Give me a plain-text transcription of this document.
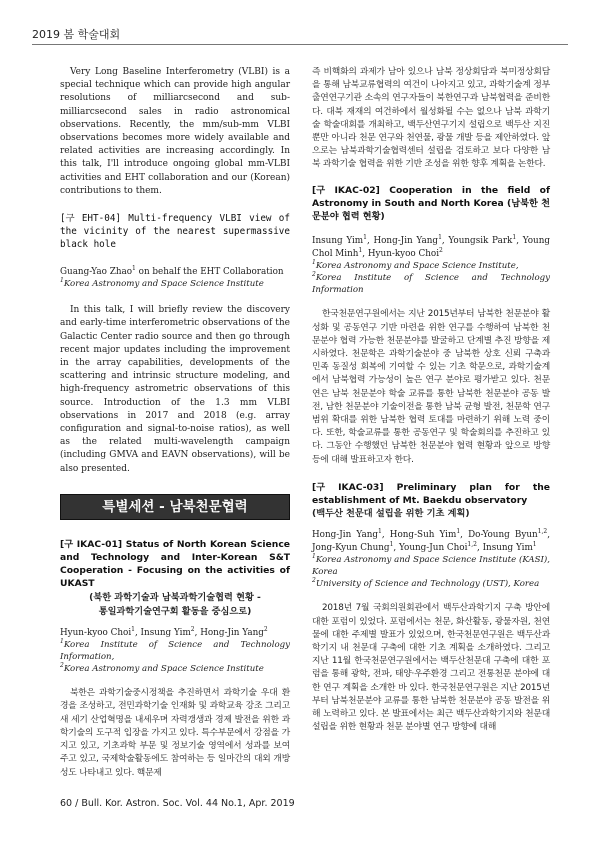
2019 봄 학술대회

Very Long Baseline Interferometry (VLBI) is a special technique which can provide high angular resolutions of milliarcsecond and sub-milliarcsecond sales in radio astronomical observations. Recently, the mm/sub-mm VLBI observations becomes more widely available and related activities are increasing accordingly. In this talk, I'll introduce ongoing global mm-VLBI activities and EHT collaboration and our (Korean) contributions to them.

[구 EHT-04] Multi-frequency VLBI view of the vicinity of the nearest supermassive black hole

Guang-Yao Zhao$^1$ on behalf the EHT Collaboration

$^1$Korea Astronomy and Space Science Institute

In this talk, I will briefly review the discovery and early-time interferometric observations of the Galactic Center radio source and then go through recent major updates including the improvement in the array capabilities, developments of the scattering and intrinsic structure modeling, and high-frequency astrometric observations of this source. Introduction of the 1.3 mm VLBI observations in 2017 and 2018 (e.g. array configuration and signal-to-noise ratios), as well as the related multi-wavelength campaign (including GMVA and EAVN observations), will be also presented.

특별세션 - 남북천문협력

[구 IKAC-01] Status of North Korean Science and Technology and Inter-Korean S&T Cooperation - Focusing on the activities of UKAST

(북한 과학기술과 남북과학기술협력 현황 -
통일과학기술연구회 활동을 중심으로)

Hyun-kyoo Choi$^1$, Insung Yim$^2$, Hong-Jin Yang$^2$

$^1$Korea Institute of Science and Technology Information,

$^2$Korea Astronomy and Space Science Institute

북한은 과학기술중시정책을 추진하면서 과학기술 우대 환경을 조성하고, 전민과학기술 인재화 및 과학교육 강조 그리고 새 세기 산업혁명을 내세우며 자력갱생과 경제 발전을 위한 과학기술의 도구적 입장을 가지고 있다. 특수부문에서 강점을 가지고 있고, 기초과학 부문 및 정보기술 영역에서 성과를 보여주고 있고, 국제학술활동에도 참여하는 등 일마간의 대외 개방성도 나타내고 있다. 핵문제

즉 비핵화의 과제가 남아 있으나 남북 정상회담과 북미정상회담을 통해 남북교류협력의 여건이 나아지고 있고, 과학기술계 정부출연연구기관 소속의 연구자들이 북한연구과 남북협력을 준비한다. 대북 재재의 여건하에서 월성화될 수는 없으나 남북 과학기술 학술대회를 개최하고, 백두산연구기지 설립으로 백두산 지진 뿐만 아니라 천문 연구와 천연물, 광물 개발 등을 제안하였다. 앞으로는 남북과학기술협력센터 설립을 검토하고 보다 다양한 남북 과학기술 협력을 위한 기반 조성을 위한 향후 계획을 논한다.

[구 IKAC-02] Cooperation in the field of Astronomy in South and North Korea (남북한 천문분야 협력 현황)

Insung Yim$^1$, Hong-Jin Yang$^1$, Youngsik Park$^1$, Young Chol Minh$^1$, Hyun-kyoo Choi$^2$

$^1$Korea Astronomy and Space Science Institute,

$^2$Korea Institute of Science and Technology Information

한국천문연구원에서는 지난 2015년부터 남북한 천문분야 활성화 및 공동연구 기반 마련을 위한 연구를 수행하여 남북한 천문분야 협력 가능한 천문분야를 발굴하고 단계별 추진 방향을 제시하였다. 천문학은 과학기술분야 중 남북한 상호 신뢰 구축과 민족 동질성 회복에 기여할 수 있는 기초 학문으로, 과학기술계에서 남북협력 가능성이 높은 연구 분야로 평가받고 있다. 천문연은 남북 천문분야 학술 교류를 통한 남북한 천문분야 공동 발전, 남한 천문분야 기술이전을 통한 남북 균형 발전, 천문학 연구 범위 확대를 위한 남북한 협력 토대를 마련하기 위해 노력 중이다. 또한, 학술교류를 통한 공동연구 및 학술회의를 추진하고 있다. 그동안 수행했던 남북한 천문분야 협력 현황과 앞으로 방향 등에 대해 발표하고자 한다.

[구 IKAC-03] Preliminary plan for the establishment of Mt. Baekdu observatory

(백두산 천문대 설립을 위한 기초 계획)

Hong-Jin Yang$^1$, Hong-Suh Yim$^1$, Do-Young Byun$^{1,2}$, Jong-Kyun Chung$^1$, Young-Jun Choi$^{1,2}$, Insung Yim$^1$

$^1$Korea Astronomy and Space Science Institute (KASI), Korea

$^2$University of Science and Technology (UST), Korea

2018년 7월 국회의원회관에서 백두산과학기지 구축 방안에 대한 포럼이 있었다. 포럼에서는 천문, 화산활동, 광물자원, 천연물에 대한 주제별 발표가 있었으며, 한국천문연구원은 백두산과학기지 내 천문대 구축에 대한 기초 계획을 소개하였다. 그리고 지난 11월 한국천문연구원에서는 백두산천문대 구축에 대한 포럼을 통해 광학, 전파, 태양·우주환경 그리고 전통천문 분야에 대한 연구 계획을 소개한 바 있다. 한국천문연구원은 지난 2015년부터 남북천문분야 교류를 통한 남북한 천문분야 공동 발전을 위해 노력하고 있다. 본 발표에서는 최근 백두산과학기지와 천문대 설립을 위한 현황과 천문 분야별 연구 방향에 대해

60 / Bull. Kor. Astron. Soc. Vol. 44 No.1, Apr. 2019
